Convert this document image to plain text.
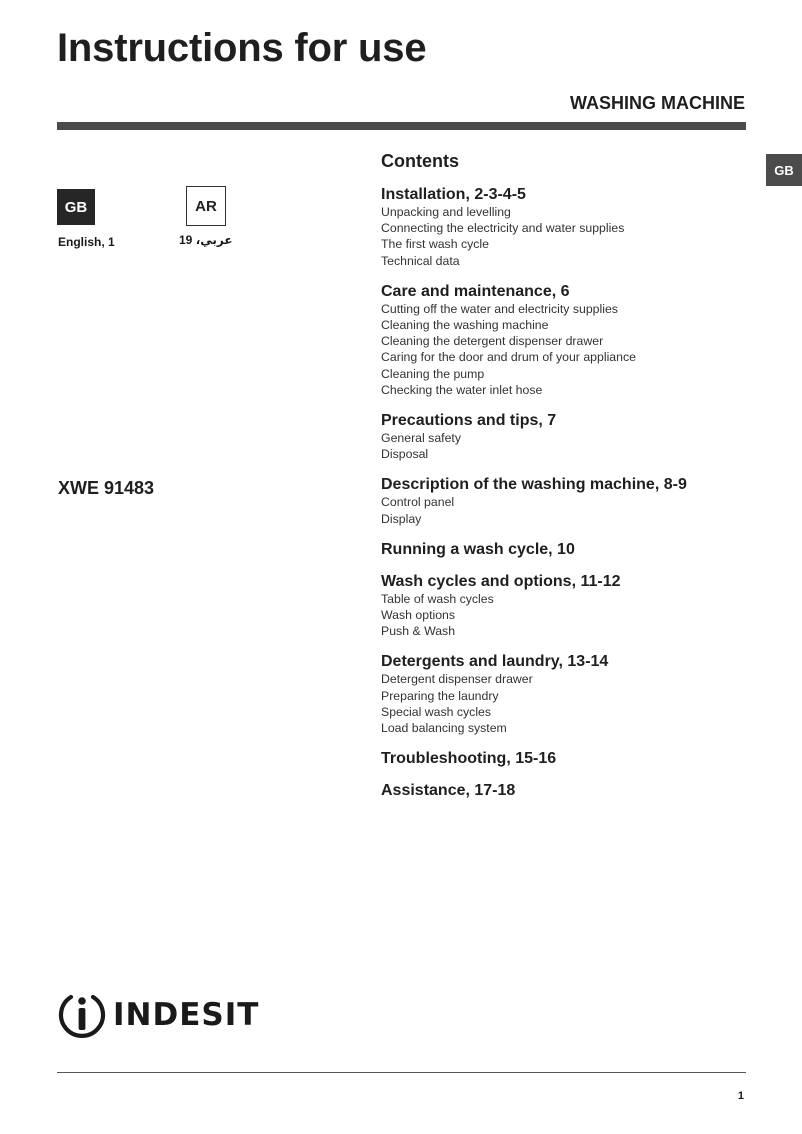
Instructions for use
WASHING MACHINE
GB
GB
English, 1
AR
عربي، 19
XWE 91483
Contents
Installation, 2-3-4-5
Unpacking and levelling
Connecting the electricity and water supplies
The first wash cycle
Technical data
Care and maintenance, 6
Cutting off the water and electricity supplies
Cleaning the washing machine
Cleaning the detergent dispenser drawer
Caring for the door and drum of your appliance
Cleaning the pump
Checking the water inlet hose
Precautions and tips, 7
General safety
Disposal
Description of the washing machine, 8-9
Control panel
Display
Running a wash cycle, 10
Wash cycles and options, 11-12
Table of wash cycles
Wash options
Push & Wash
Detergents and laundry, 13-14
Detergent dispenser drawer
Preparing the laundry
Special wash cycles
Load balancing system
Troubleshooting, 15-16
Assistance, 17-18
INDESIT
1
